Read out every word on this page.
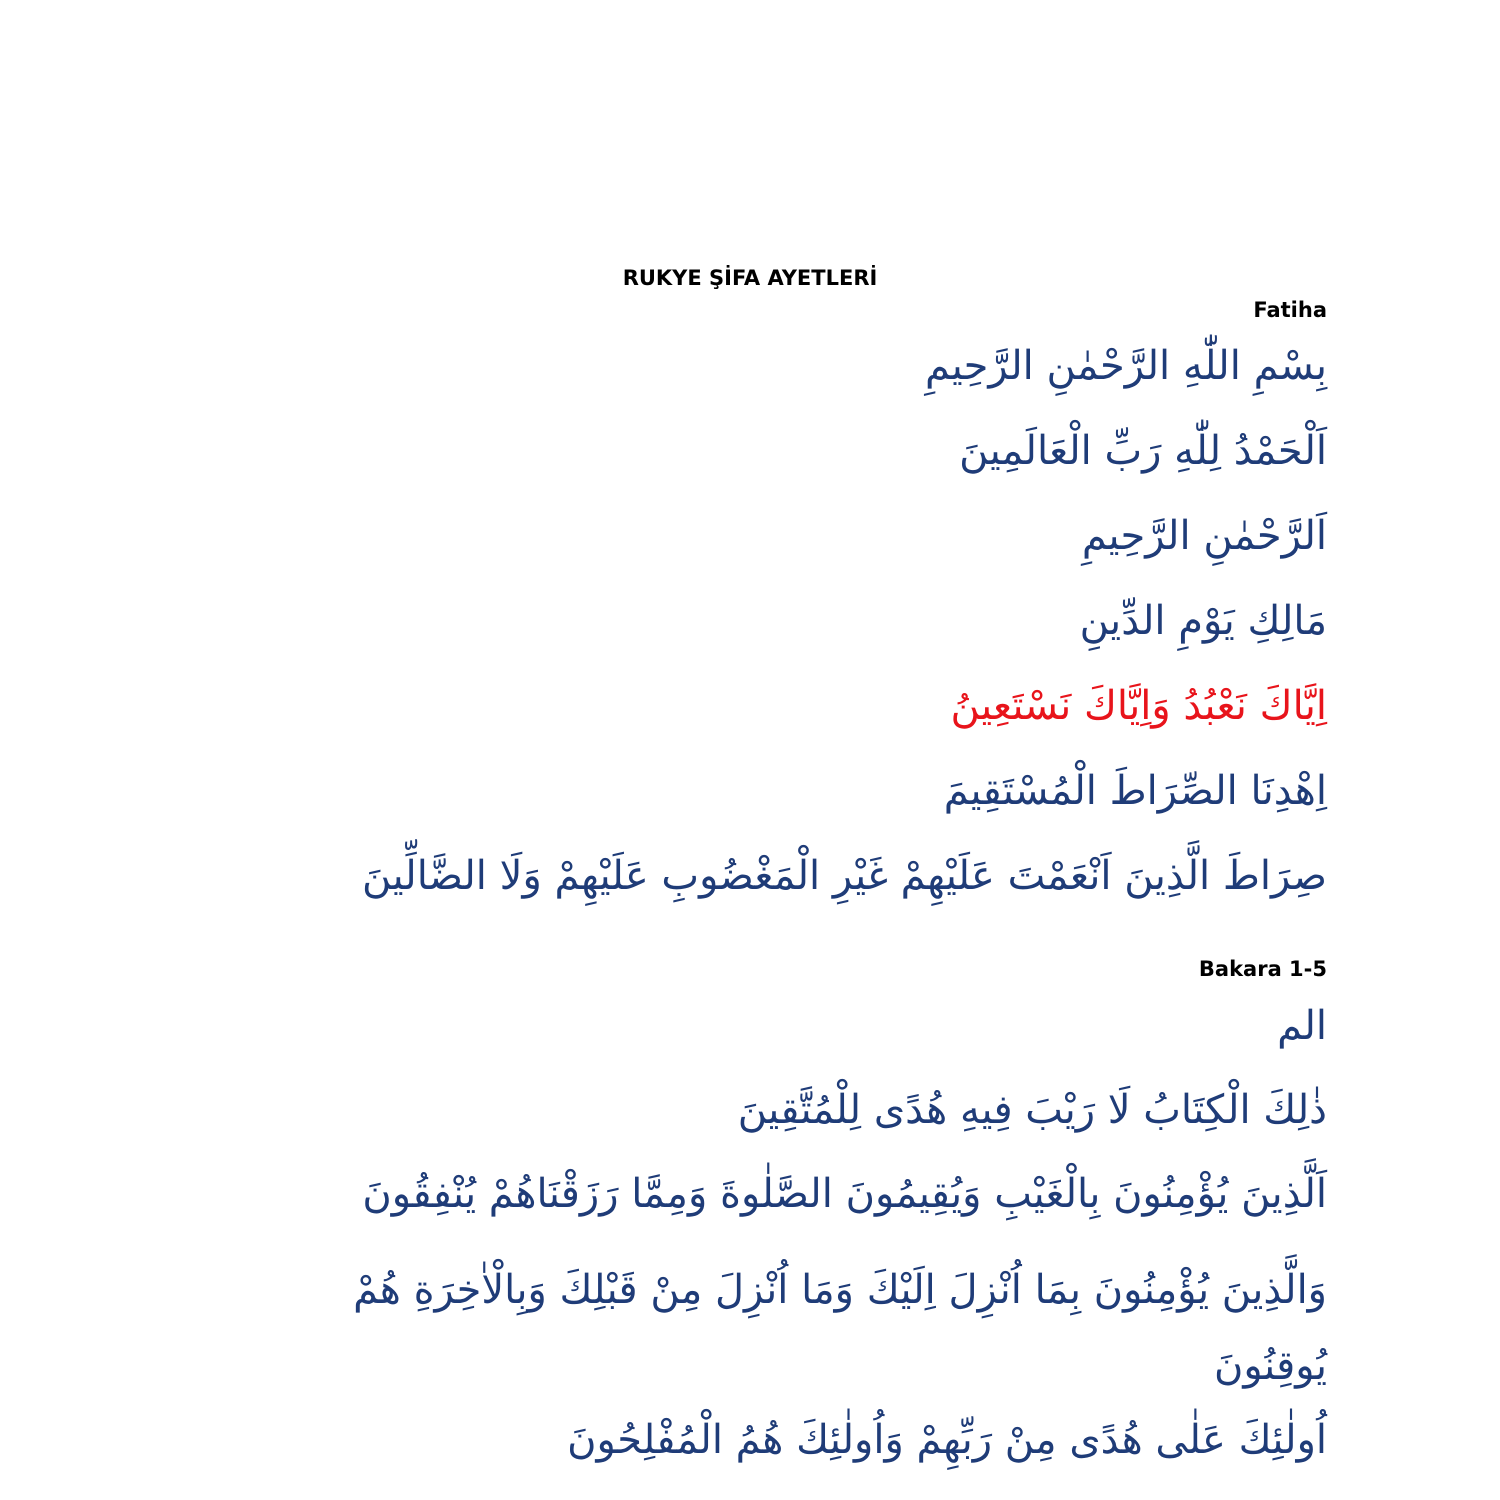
RUKYE ŞİFA AYETLERİ
Fatiha
بِسْمِ اللّٰهِ الرَّحْمٰنِ الرَّحِيمِ
اَلْحَمْدُ لِلّٰهِ رَبِّ الْعَالَمِينَ
اَلرَّحْمٰنِ الرَّحِيمِ
مَالِكِ يَوْمِ الدِّينِ
اِيَّاكَ نَعْبُدُ وَاِيَّاكَ نَسْتَعِينُ
اِهْدِنَا الصِّرَاطَ الْمُسْتَقِيمَ
صِرَاطَ الَّذِينَ اَنْعَمْتَ عَلَيْهِمْ غَيْرِ الْمَغْضُوبِ عَلَيْهِمْ وَلَا الضَّالِّينَ
Bakara 1-5
الم
ذٰلِكَ الْكِتَابُ لَا رَيْبَ فِيهِ هُدًى لِلْمُتَّقِينَ
اَلَّذِينَ يُؤْمِنُونَ بِالْغَيْبِ وَيُقِيمُونَ الصَّلٰوةَ وَمِمَّا رَزَقْنَاهُمْ يُنْفِقُونَ
وَالَّذِينَ يُؤْمِنُونَ بِمَا اُنْزِلَ اِلَيْكَ وَمَا اُنْزِلَ مِنْ قَبْلِكَ وَبِالْاٰخِرَةِ هُمْ يُوقِنُونَ
اُولٰئِكَ عَلٰى هُدًى مِنْ رَبِّهِمْ وَاُولٰئِكَ هُمُ الْمُفْلِحُونَ
